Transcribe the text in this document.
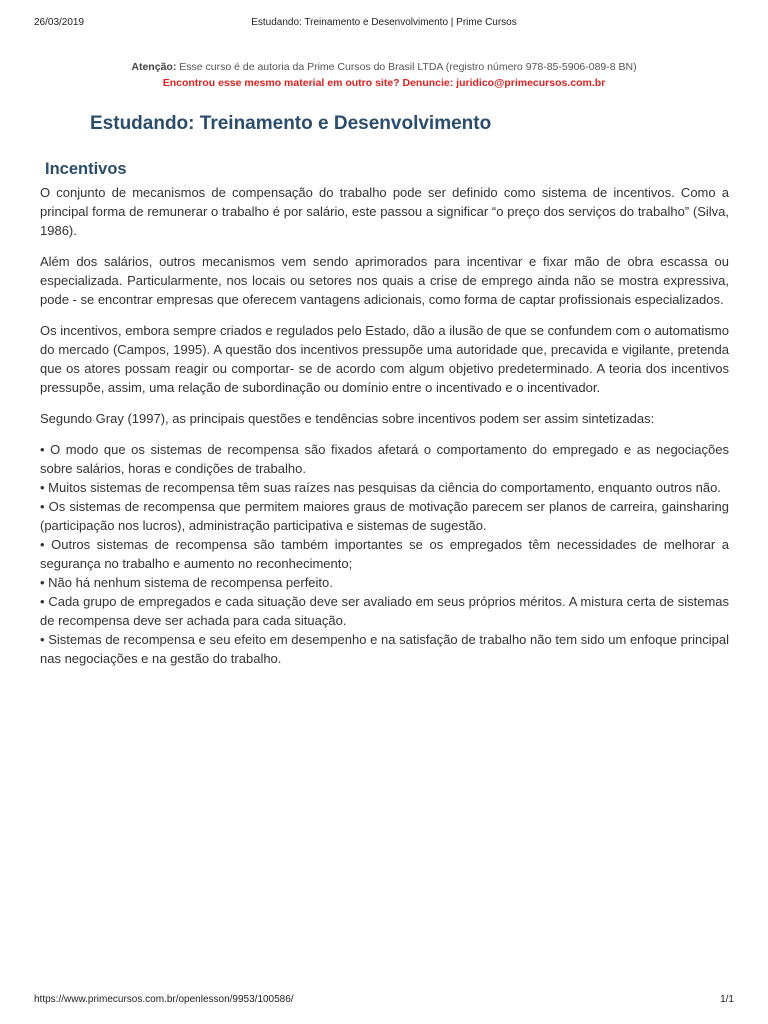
26/03/2019	Estudando: Treinamento e Desenvolvimento | Prime Cursos
Atenção: Esse curso é de autoria da Prime Cursos do Brasil LTDA (registro número 978-85-5906-089-8 BN)
Encontrou esse mesmo material em outro site? Denuncie: juridico@primecursos.com.br
Estudando: Treinamento e Desenvolvimento
Incentivos

O conjunto de mecanismos de compensação do trabalho pode ser definido como sistema de incentivos. Como a principal forma de remunerar o trabalho é por salário, este passou a significar “o preço dos serviços do trabalho” (Silva, 1986).

Além dos salários, outros mecanismos vem sendo aprimorados para incentivar e fixar mão de obra escassa ou especializada. Particularmente, nos locais ou setores nos quais a crise de emprego ainda não se mostra expressiva, pode - se encontrar empresas que oferecem vantagens adicionais, como forma de captar profissionais especializados.

Os incentivos, embora sempre criados e regulados pelo Estado, dão a ilusão de que se confundem com o automatismo do mercado (Campos, 1995). A questão dos incentivos pressupõe uma autoridade que, precavida e vigilante, pretenda que os atores possam reagir ou comportar- se de acordo com algum objetivo predeterminado. A teoria dos incentivos pressupõe, assim, uma relação de subordinação ou domínio entre o incentivado e o incentivador.

Segundo Gray (1997), as principais questões e tendências sobre incentivos podem ser assim sintetizadas:

• O modo que os sistemas de recompensa são fixados afetará o comportamento do empregado e as negociações sobre salários, horas e condições de trabalho.
• Muitos sistemas de recompensa têm suas raízes nas pesquisas da ciência do comportamento, enquanto outros não.
• Os sistemas de recompensa que permitem maiores graus de motivação parecem ser planos de carreira, gainsharing (participação nos lucros), administração participativa e sistemas de sugestão.
• Outros sistemas de recompensa são também importantes se os empregados têm necessidades de melhorar a segurança no trabalho e aumento no reconhecimento;
• Não há nenhum sistema de recompensa perfeito.
• Cada grupo de empregados e cada situação deve ser avaliado em seus próprios méritos. A mistura certa de sistemas de recompensa deve ser achada para cada situação.
• Sistemas de recompensa e seu efeito em desempenho e na satisfação de trabalho não tem sido um enfoque principal nas negociações e na gestão do trabalho.
https://www.primecursos.com.br/openlesson/9953/100586/	1/1
